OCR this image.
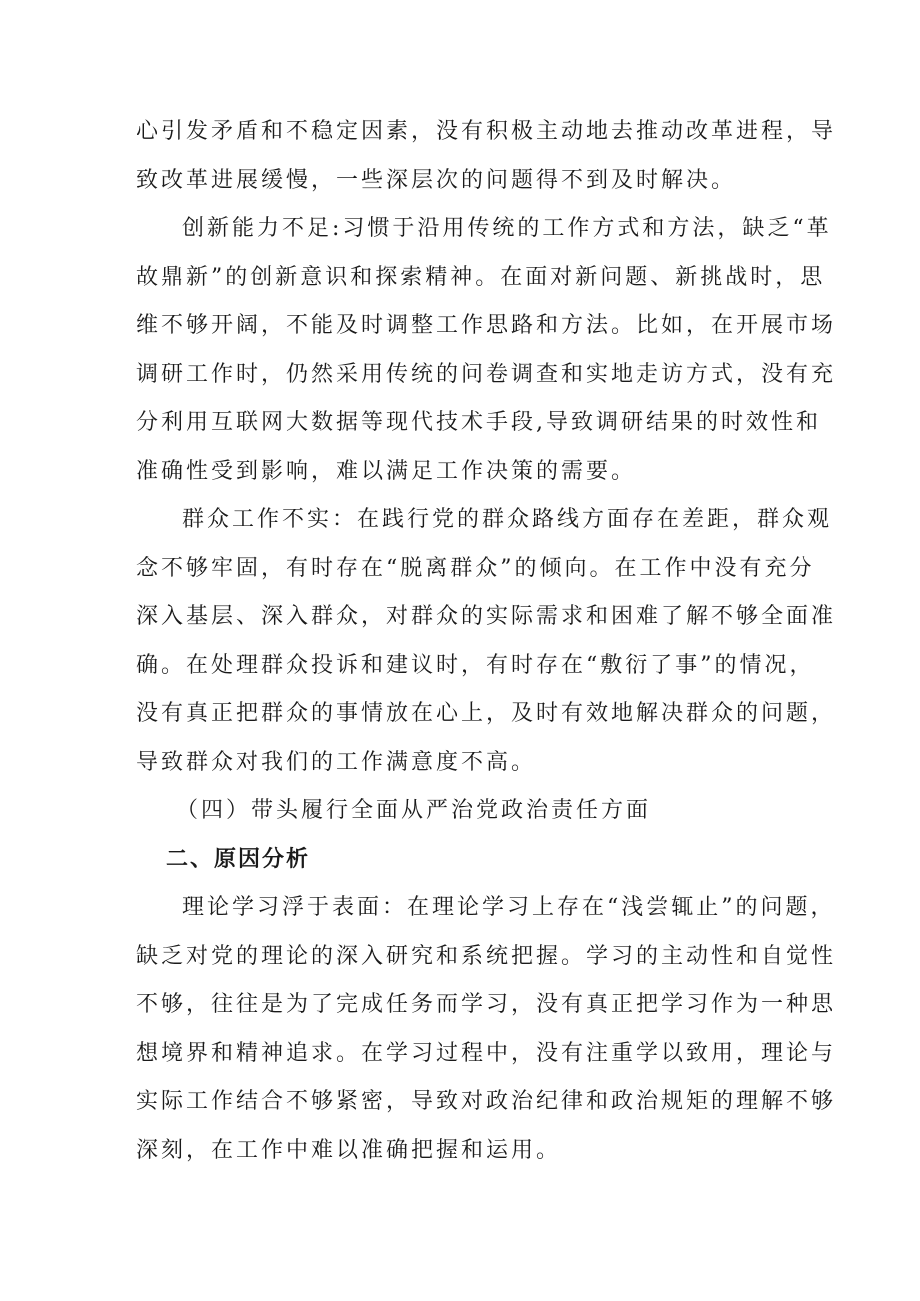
心引发矛盾和不稳定因素，没有积极主动地去推动改革进程，导

致改革进展缓慢，一些深层次的问题得不到及时解决。

创新能力不足:习惯于沿用传统的工作方式和方法，缺乏“革

故鼎新”的创新意识和探索精神。在面对新问题、新挑战时，思

维不够开阔，不能及时调整工作思路和方法。比如，在开展市场

调研工作时，仍然采用传统的问卷调查和实地走访方式，没有充

分利用互联网大数据等现代技术手段,导致调研结果的时效性和

准确性受到影响，难以满足工作决策的需要。

群众工作不实：在践行党的群众路线方面存在差距，群众观

念不够牢固，有时存在“脱离群众”的倾向。在工作中没有充分

深入基层、深入群众，对群众的实际需求和困难了解不够全面准

确。在处理群众投诉和建议时，有时存在“敷衍了事”的情况，

没有真正把群众的事情放在心上，及时有效地解决群众的问题，

导致群众对我们的工作满意度不高。

（四）带头履行全面从严治党政治责任方面

二、原因分析

理论学习浮于表面：在理论学习上存在“浅尝辄止”的问题，

缺乏对党的理论的深入研究和系统把握。学习的主动性和自觉性

不够，往往是为了完成任务而学习，没有真正把学习作为一种思

想境界和精神追求。在学习过程中，没有注重学以致用，理论与

实际工作结合不够紧密，导致对政治纪律和政治规矩的理解不够

深刻，在工作中难以准确把握和运用。
